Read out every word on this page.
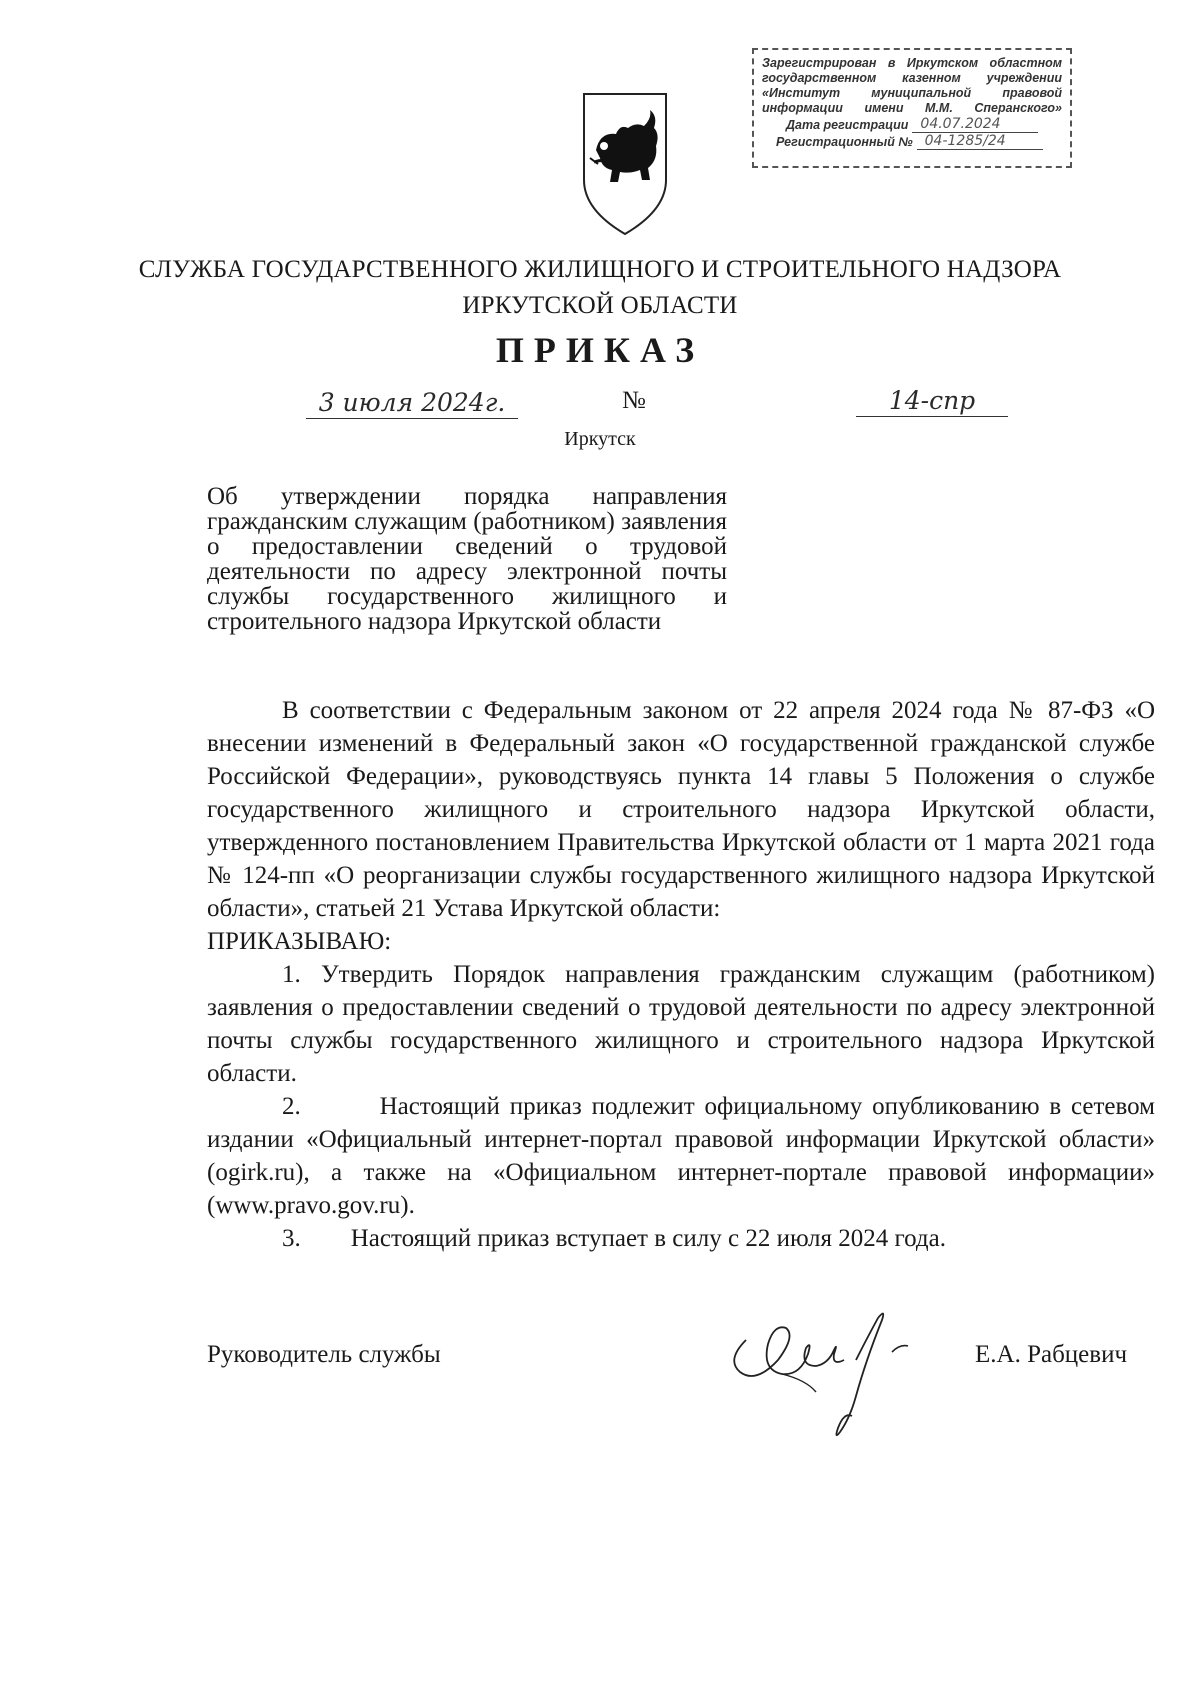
Зарегистрирован в Иркутском областном
государственном казенном учреждении
«Институт муниципальной правовой
информации имени М.М. Сперанского»
Дата регистрации 04.07.2024
Регистрационный № 04-1285/24
СЛУЖБА ГОСУДАРСТВЕННОГО ЖИЛИЩНОГО И СТРОИТЕЛЬНОГО НАДЗОРА
ИРКУТСКОЙ ОБЛАСТИ
ПРИКАЗ
3 июля 2024г.	№	14-спр
Иркутск
Об утверждении порядка направления гражданским служащим (работником) заявления о предоставлении сведений о трудовой деятельности по адресу электронной почты службы государственного жилищного и строительного надзора Иркутской области

В соответствии с Федеральным законом от 22 апреля 2024 года № 87-ФЗ «О внесении изменений в Федеральный закон «О государственной гражданской службе Российской Федерации», руководствуясь пункта 14 главы 5 Положения о службе государственного жилищного и строительного надзора Иркутской области, утвержденного постановлением Правительства Иркутской области от 1 марта 2021 года № 124-пп «О реорганизации службы государственного жилищного надзора Иркутской области», статьей 21 Устава Иркутской области:

ПРИКАЗЫВАЮ:

1. Утвердить Порядок направления гражданским служащим (работником) заявления о предоставлении сведений о трудовой деятельности по адресу электронной почты службы государственного жилищного и строительного надзора Иркутской области.

2.	Настоящий приказ подлежит официальному опубликованию в сетевом издании «Официальный интернет-портал правовой информации Иркутской области» (ogirk.ru), а также на «Официальном интернет-портале правовой информации» (www.pravo.gov.ru).

3. Настоящий приказ вступает в силу с 22 июля 2024 года.

Руководитель службы	Е.А. Рабцевич
